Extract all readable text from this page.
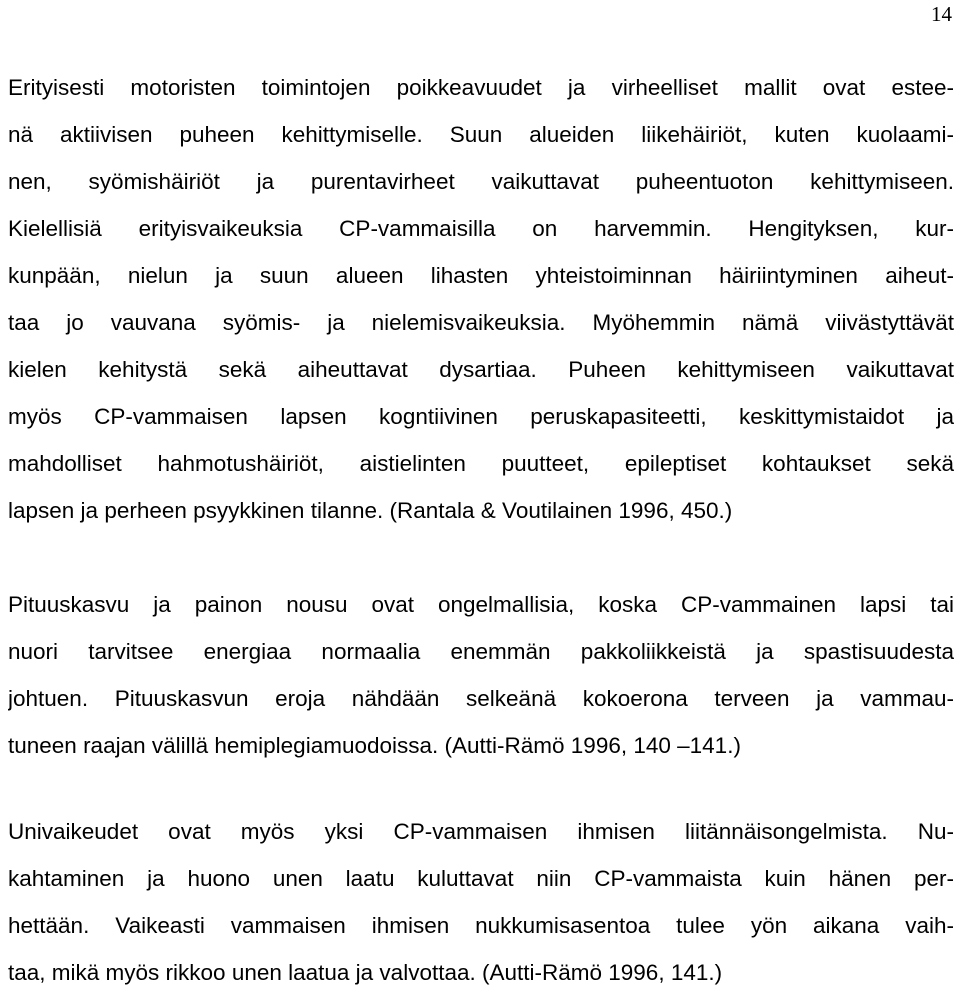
14
Erityisesti motoristen toimintojen poikkeavuudet ja virheelliset mallit ovat estee-
nä aktiivisen puheen kehittymiselle. Suun alueiden liikehäiriöt, kuten kuolaami-
nen, syömishäiriöt ja purentavirheet vaikuttavat puheentuoton kehittymiseen.
Kielellisiä erityisvaikeuksia CP-vammaisilla on harvemmin. Hengityksen, kur-
kunpään, nielun ja suun alueen lihasten yhteistoiminnan häiriintyminen aiheut-
taa jo vauvana syömis- ja nielemisvaikeuksia. Myöhemmin nämä viivästyttävät
kielen kehitystä sekä aiheuttavat dysartiaa. Puheen kehittymiseen vaikuttavat
myös CP-vammaisen lapsen kogntiivinen peruskapasiteetti, keskittymistaidot ja
mahdolliset hahmotushäiriöt, aistielinten puutteet, epileptiset kohtaukset sekä
lapsen ja perheen psyykkinen tilanne. (Rantala & Voutilainen 1996, 450.)
Pituuskasvu ja painon nousu ovat ongelmallisia, koska CP-vammainen lapsi tai
nuori tarvitsee energiaa normaalia enemmän pakkoliikkeistä ja spastisuudesta
johtuen. Pituuskasvun eroja nähdään selkeänä kokoerona terveen ja vammau-
tuneen raajan välillä hemiplegiamuodoissa. (Autti-Rämö 1996, 140 –141.)
Univaikeudet ovat myös yksi CP-vammaisen ihmisen liitännäisongelmista. Nu-
kahtaminen ja huono unen laatu kuluttavat niin CP-vammaista kuin hänen per-
hettään. Vaikeasti vammaisen ihmisen nukkumisasentoa tulee yön aikana vaih-
taa, mikä myös rikkoo unen laatua ja valvottaa. (Autti-Rämö 1996, 141.)
